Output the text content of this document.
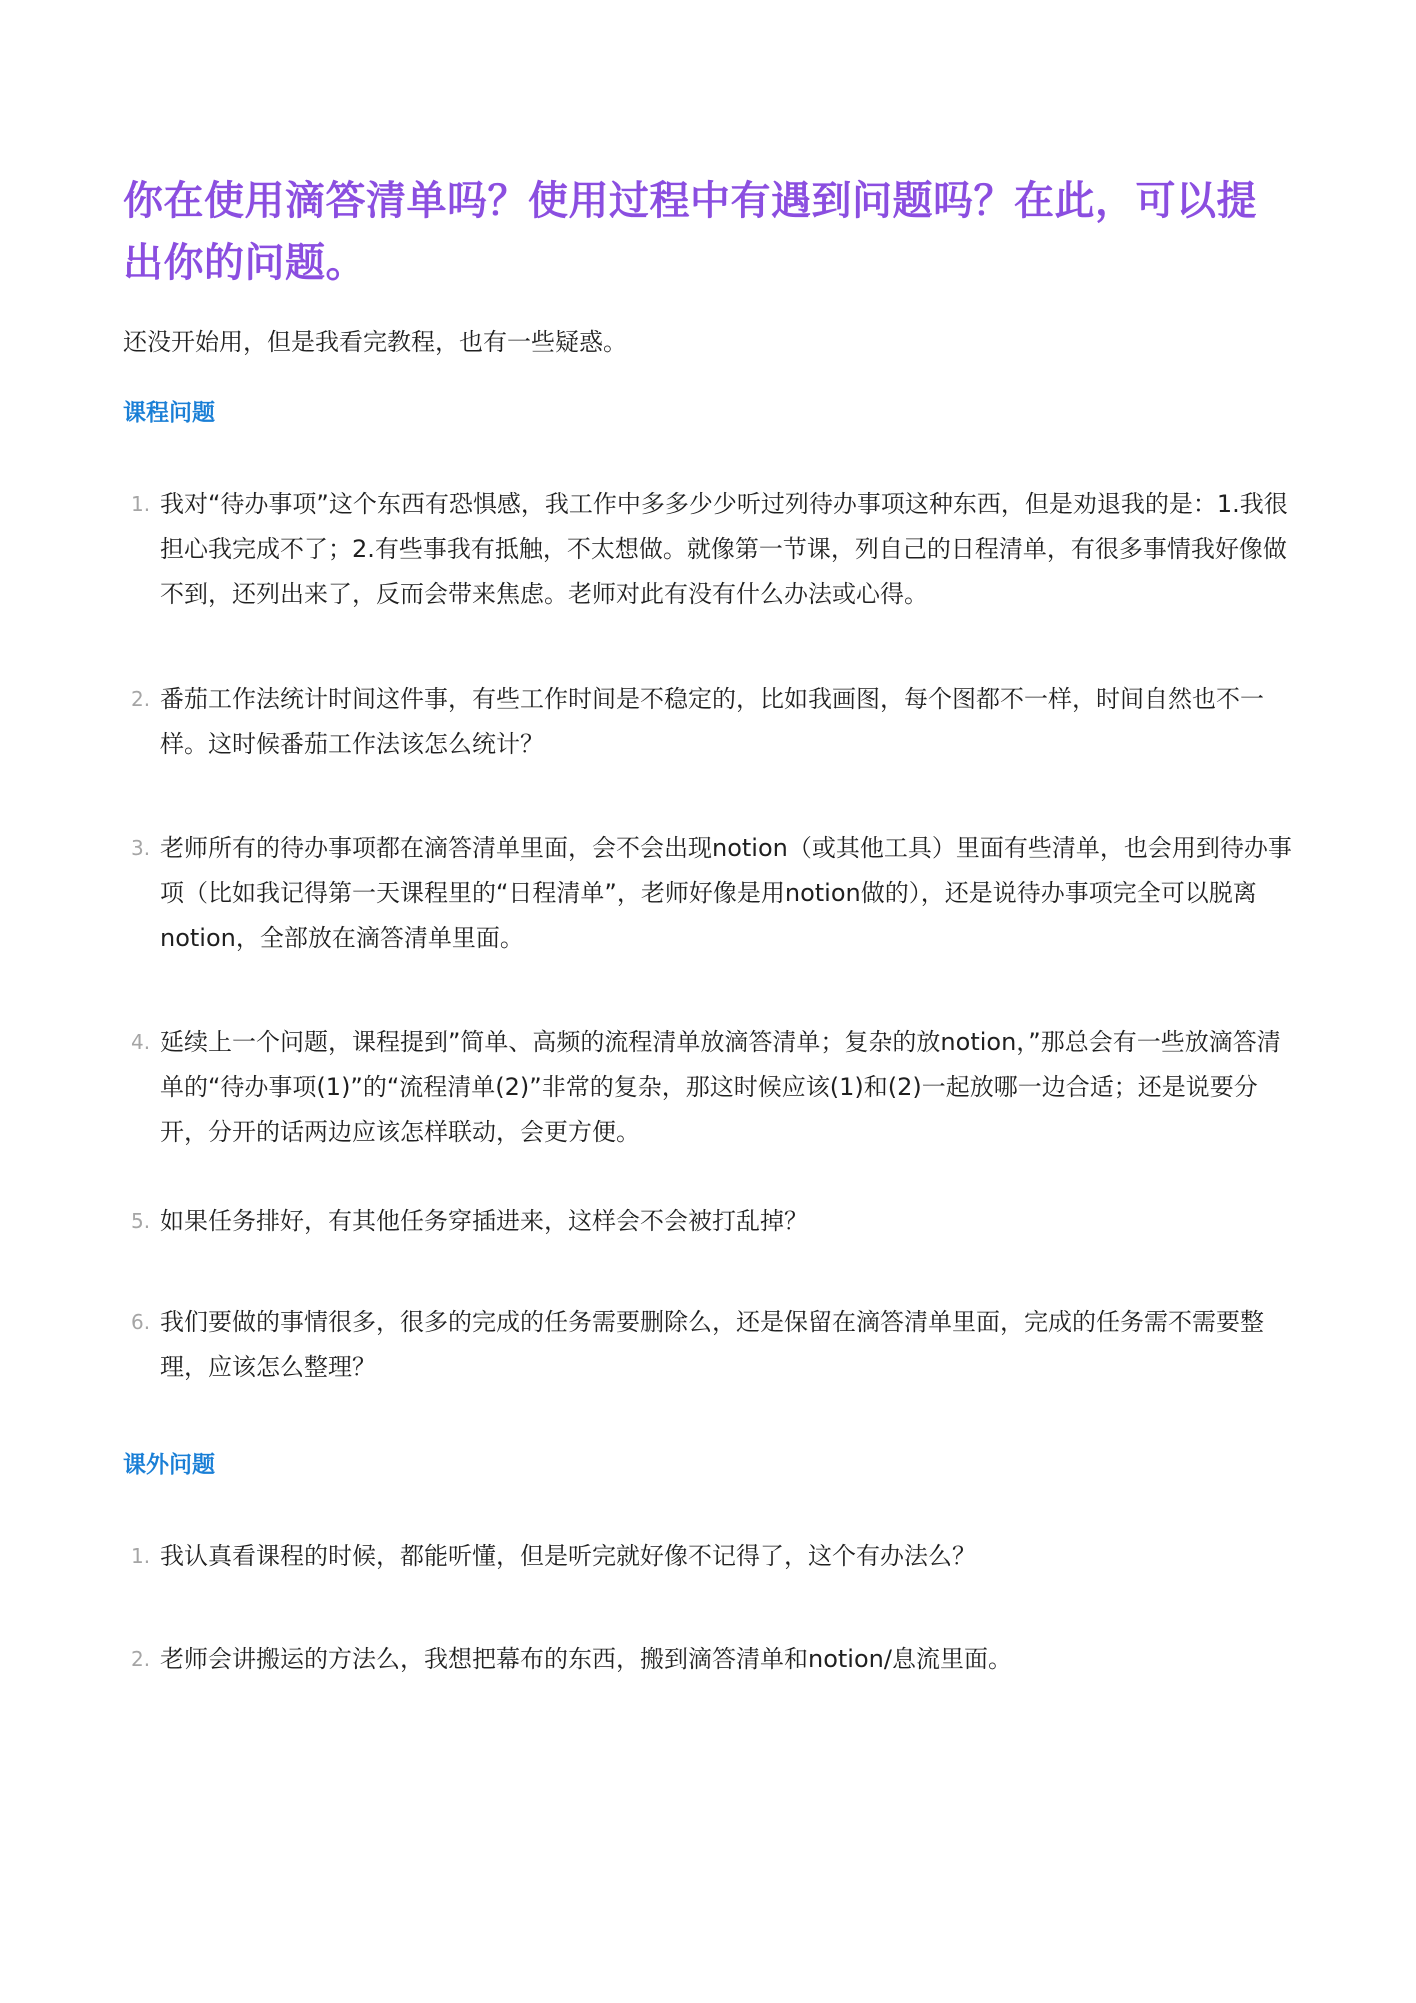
你在使用滴答清单吗？使用过程中有遇到问题吗？在此，可以提出你的问题。

还没开始用，但是我看完教程，也有一些疑惑。

课程问题
1. 我对“待办事项”这个东西有恐惧感，我工作中多多少少听过列待办事项这种东西，但是劝退我的是：1.我很担心我完成不了；2.有些事我有抵触，不太想做。就像第一节课，列自己的日程清单，有很多事情我好像做不到，还列出来了，反而会带来焦虑。老师对此有没有什么办法或心得。
2. 番茄工作法统计时间这件事，有些工作时间是不稳定的，比如我画图，每个图都不一样，时间自然也不一样。这时候番茄工作法该怎么统计？
3. 老师所有的待办事项都在滴答清单里面，会不会出现notion（或其他工具）里面有些清单，也会用到待办事项（比如我记得第一天课程里的“日程清单”，老师好像是用notion做的），还是说待办事项完全可以脱离notion，全部放在滴答清单里面。
4. 延续上一个问题，课程提到”简单、高频的流程清单放滴答清单；复杂的放notion，”那总会有一些放滴答清单的“待办事项(1)”的“流程清单(2)”非常的复杂，那这时候应该(1)和(2)一起放哪一边合适；还是说要分开，分开的话两边应该怎样联动，会更方便。
5. 如果任务排好，有其他任务穿插进来，这样会不会被打乱掉？
6. 我们要做的事情很多，很多的完成的任务需要删除么，还是保留在滴答清单里面，完成的任务需不需要整理，应该怎么整理？
课外问题
1. 我认真看课程的时候，都能听懂，但是听完就好像不记得了，这个有办法么？
2. 老师会讲搬运的方法么，我想把幕布的东西，搬到滴答清单和notion/息流里面。
